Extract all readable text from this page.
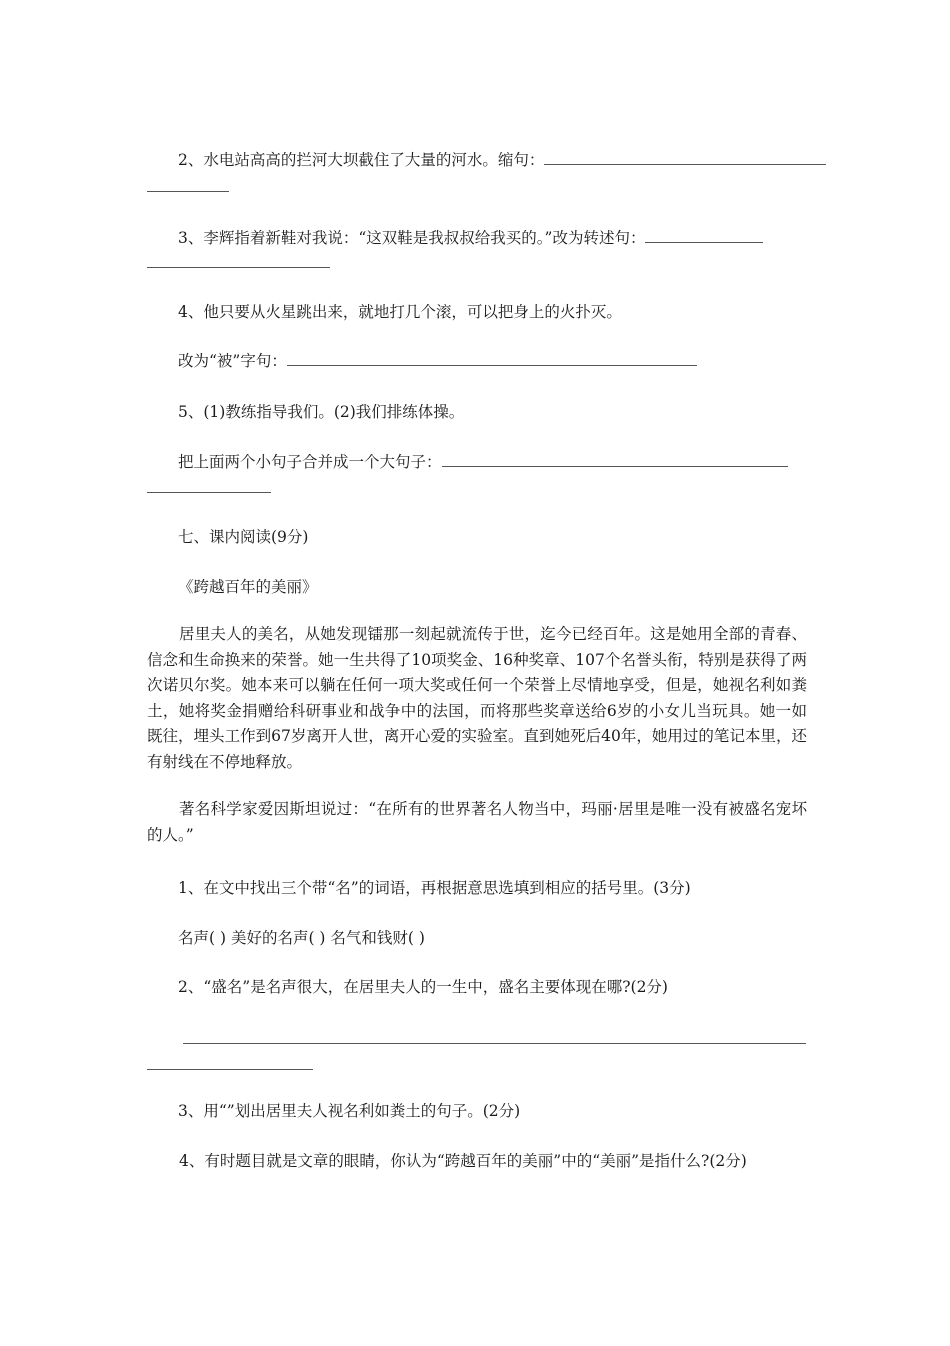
2、水电站高高的拦河大坝截住了大量的河水。缩句：
3、李辉指着新鞋对我说：“这双鞋是我叔叔给我买的。”改为转述句：
4、他只要从火星跳出来，就地打几个滚，可以把身上的火扑灭。
改为“被”字句：
5、(1)教练指导我们。(2)我们排练体操。
把上面两个小句子合并成一个大句子：
七、课内阅读(9分)
《跨越百年的美丽》

居里夫人的美名，从她发现镭那一刻起就流传于世，迄今已经百年。这是她用全部的青春、信念和生命换来的荣誉。她一生共得了10项奖金、16种奖章、107个名誉头衔，特别是获得了两次诺贝尔奖。她本来可以躺在任何一项大奖或任何一个荣誉上尽情地享受，但是，她视名利如粪土，她将奖金捐赠给科研事业和战争中的法国，而将那些奖章送给6岁的小女儿当玩具。她一如既往，埋头工作到67岁离开人世，离开心爱的实验室。直到她死后40年，她用过的笔记本里，还有射线在不停地释放。

著名科学家爱因斯坦说过：“在所有的世界著名人物当中，玛丽·居里是唯一没有被盛名宠坏的人。”

1、在文中找出三个带“名”的词语，再根据意思选填到相应的括号里。(3分)
名声( ) 美好的名声( ) 名气和钱财( )
2、“盛名”是名声很大，在居里夫人的一生中，盛名主要体现在哪?(2分)
3、用“”划出居里夫人视名利如粪土的句子。(2分)

4、有时题目就是文章的眼睛，你认为“跨越百年的美丽”中的“美丽”是指什么?(2分)
